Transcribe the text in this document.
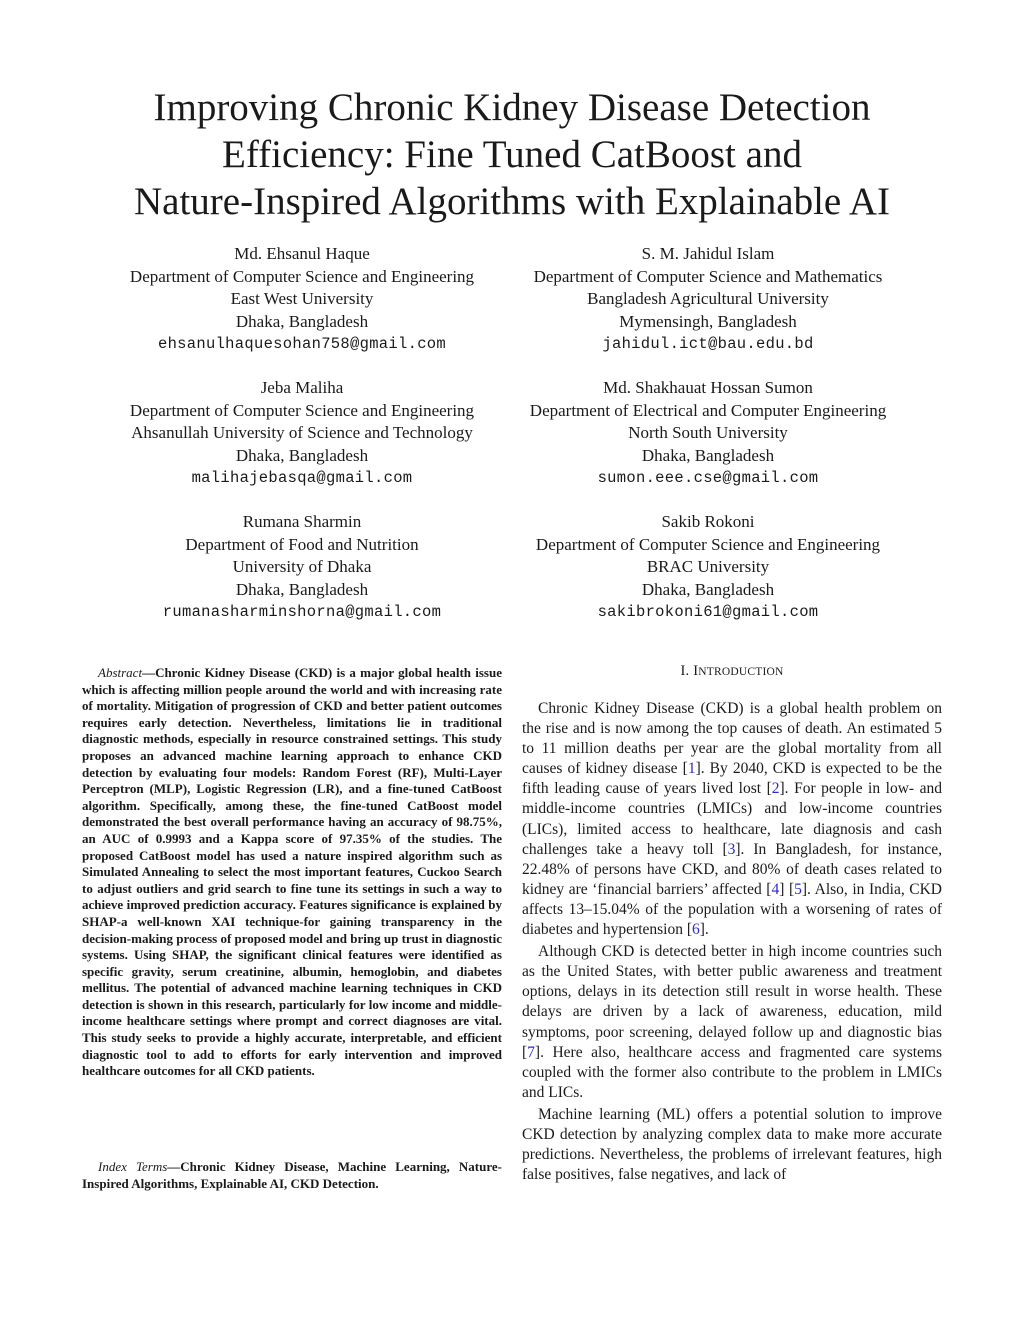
Improving Chronic Kidney Disease Detection
Efficiency: Fine Tuned CatBoost and
Nature-Inspired Algorithms with Explainable AI
Md. Ehsanul Haque
Department of Computer Science and Engineering
East West University
Dhaka, Bangladesh
ehsanulhaquesohan758@gmail.com
S. M. Jahidul Islam
Department of Computer Science and Mathematics
Bangladesh Agricultural University
Mymensingh, Bangladesh
jahidul.ict@bau.edu.bd
Jeba Maliha
Department of Computer Science and Engineering
Ahsanullah University of Science and Technology
Dhaka, Bangladesh
malihajebasqa@gmail.com
Md. Shakhauat Hossan Sumon
Department of Electrical and Computer Engineering
North South University
Dhaka, Bangladesh
sumon.eee.cse@gmail.com
Rumana Sharmin
Department of Food and Nutrition
University of Dhaka
Dhaka, Bangladesh
rumanasharminshorna@gmail.com
Sakib Rokoni
Department of Computer Science and Engineering
BRAC University
Dhaka, Bangladesh
sakibrokoni61@gmail.com

Abstract—Chronic Kidney Disease (CKD) is a major global health issue which is affecting million people around the world and with increasing rate of mortality. Mitigation of progression of CKD and better patient outcomes requires early detection. Nevertheless, limitations lie in traditional diagnostic methods, especially in resource constrained settings. This study proposes an advanced machine learning approach to enhance CKD detection by evaluating four models: Random Forest (RF), Multi-Layer Perceptron (MLP), Logistic Regression (LR), and a fine-tuned CatBoost algorithm. Specifically, among these, the fine-tuned CatBoost model demonstrated the best overall performance having an accuracy of 98.75%, an AUC of 0.9993 and a Kappa score of 97.35% of the studies. The proposed CatBoost model has used a nature inspired algorithm such as Simulated Annealing to select the most important features, Cuckoo Search to adjust outliers and grid search to fine tune its settings in such a way to achieve improved prediction accuracy. Features significance is explained by SHAP-a well-known XAI technique-for gaining transparency in the decision-making process of proposed model and bring up trust in diagnostic systems. Using SHAP, the significant clinical features were identified as specific gravity, serum creatinine, albumin, hemoglobin, and diabetes mellitus. The potential of advanced machine learning techniques in CKD detection is shown in this research, particularly for low income and middle-income healthcare settings where prompt and correct diagnoses are vital. This study seeks to provide a highly accurate, interpretable, and efficient diagnostic tool to add to efforts for early intervention and improved healthcare outcomes for all CKD patients.

Index Terms—Chronic Kidney Disease, Machine Learning, Nature-Inspired Algorithms, Explainable AI, CKD Detection.

I. INTRODUCTION

Chronic Kidney Disease (CKD) is a global health problem on the rise and is now among the top causes of death. An estimated 5 to 11 million deaths per year are the global mortality from all causes of kidney disease [1]. By 2040, CKD is expected to be the fifth leading cause of years lived lost [2]. For people in low- and middle-income countries (LMICs) and low-income countries (LICs), limited access to healthcare, late diagnosis and cash challenges take a heavy toll [3]. In Bangladesh, for instance, 22.48% of persons have CKD, and 80% of death cases related to kidney are ‘financial barriers’ affected [4] [5]. Also, in India, CKD affects 13–15.04% of the population with a worsening of rates of diabetes and hypertension [6].

Although CKD is detected better in high income countries such as the United States, with better public awareness and treatment options, delays in its detection still result in worse health. These delays are driven by a lack of awareness, education, mild symptoms, poor screening, delayed follow up and diagnostic bias [7]. Here also, healthcare access and fragmented care systems coupled with the former also contribute to the problem in LMICs and LICs.

Machine learning (ML) offers a potential solution to improve CKD detection by analyzing complex data to make more accurate predictions. Nevertheless, the problems of irrelevant features, high false positives, false negatives, and lack of
